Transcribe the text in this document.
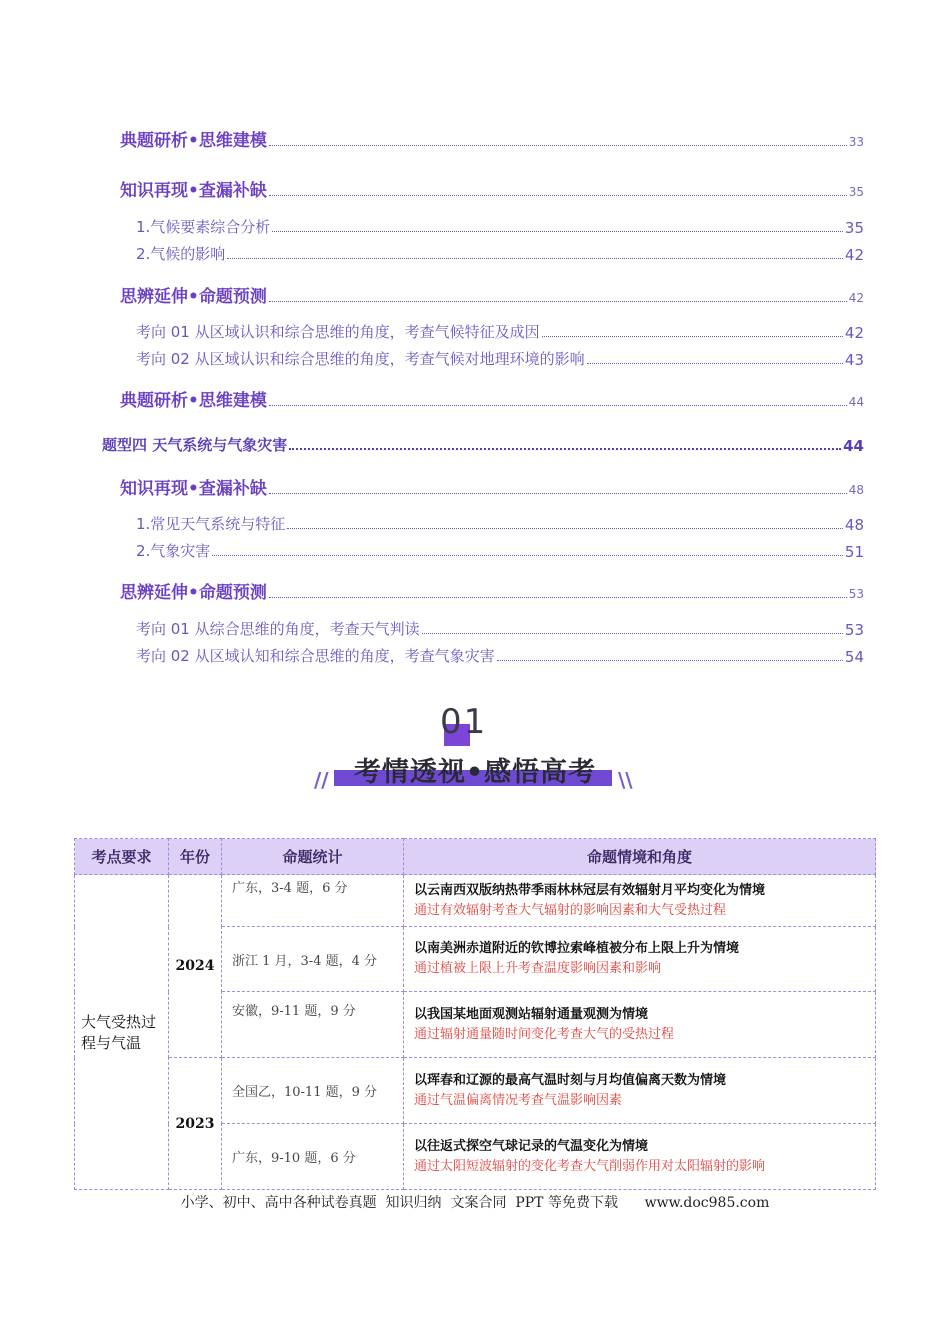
典题研析•思维建模	33
知识再现•查漏补缺	35
1.气候要素综合分析	35
2.气候的影响	42
思辨延伸•命题预测	42
考向 01 从区域认识和综合思维的角度，考查气候特征及成因	42
考向 02 从区域认识和综合思维的角度，考查气候对地理环境的影响	43
典题研析•思维建模	44
题型四 天气系统与气象灾害	44
知识再现•查漏补缺	48
1.常见天气系统与特征	48
2.气象灾害	51
思辨延伸•命题预测	53
考向 01 从综合思维的角度，考查天气判读	53
考向 02 从区域认知和综合思维的角度，考查气象灾害	54
01
考情透视•感悟高考
//	\\
考点要求	年份	命题统计	命题情境和角度
大气受热过程与气温	2024	广东，3-4 题，6 分	以云南西双版纳热带季雨林林冠层有效辐射月平均变化为情境
通过有效辐射考查大气辐射的影响因素和大气受热过程

		浙江 1 月，3-4 题，4 分	以南美洲赤道附近的钦博拉索峰植被分布上限上升为情境
通过植被上限上升考查温度影响因素和影响

		安徽，9-11 题，9 分	以我国某地面观测站辐射通量观测为情境
通过辐射通量随时间变化考查大气的受热过程

	2023	全国乙，10-11 题，9 分	以珲春和辽源的最高气温时刻与月均值偏离天数为情境
通过气温偏离情况考查气温影响因素

		广东，9-10 题，6 分	以往返式探空气球记录的气温变化为情境
通过太阳短波辐射的变化考查大气削弱作用对太阳辐射的影响
小学、初中、高中各种试卷真题  知识归纳  文案合同  PPT 等免费下载      www.doc985.com
